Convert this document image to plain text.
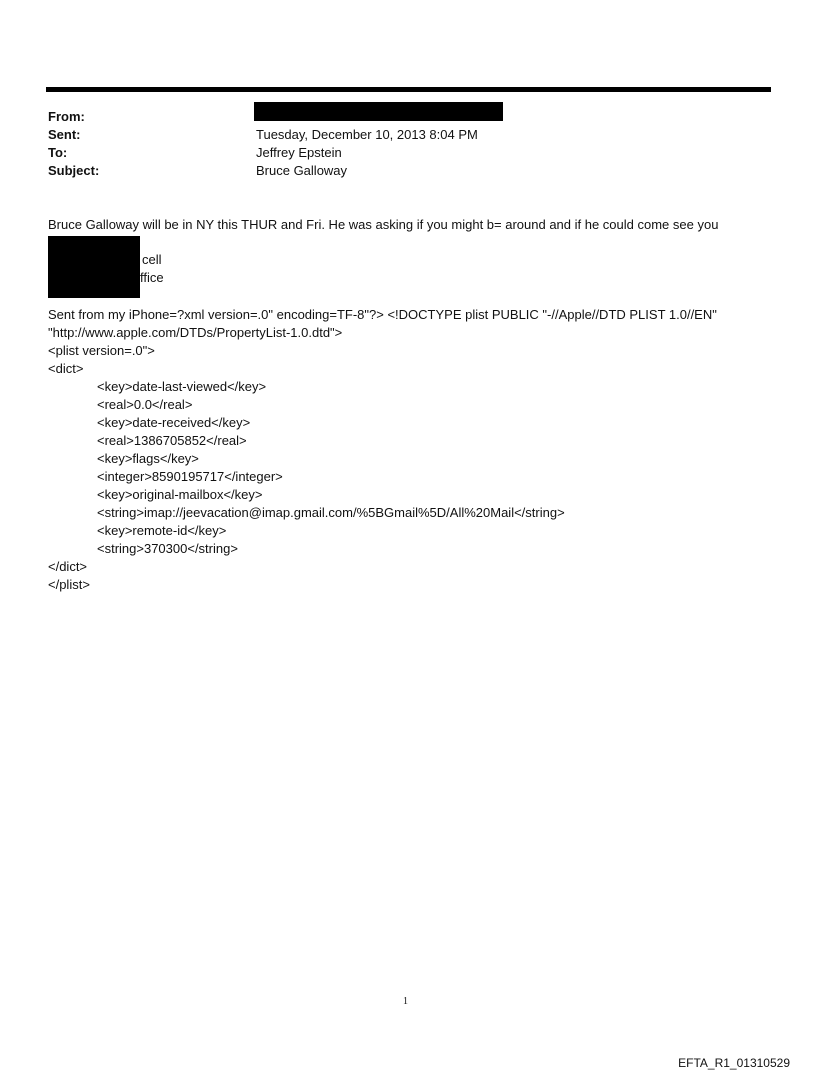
From:
Sent:	Tuesday, December 10, 2013 8:04 PM
To:	Jeffrey Epstein
Subject:	Bruce Galloway
Bruce Galloway will be in NY this THUR and Fri. He was asking if you might b= around and if he could come see you
cell
ffice
Sent from my iPhone=?xml version=.0" encoding=TF-8"?> <!DOCTYPE plist PUBLIC "-//Apple//DTD PLIST 1.0//EN"
"http://www.apple.com/DTDs/PropertyList-1.0.dtd">
<plist version=.0">
<dict>
<key>date-last-viewed</key>
<real>0.0</real>
<key>date-received</key>
<real>1386705852</real>
<key>flags</key>
<integer>8590195717</integer>
<key>original-mailbox</key>
<string>imap://jeevacation@imap.gmail.com/%5BGmail%5D/All%20Mail</string>
<key>remote-id</key>
<string>370300</string>
</dict>
</plist>
1
EFTA_R1_01310529
